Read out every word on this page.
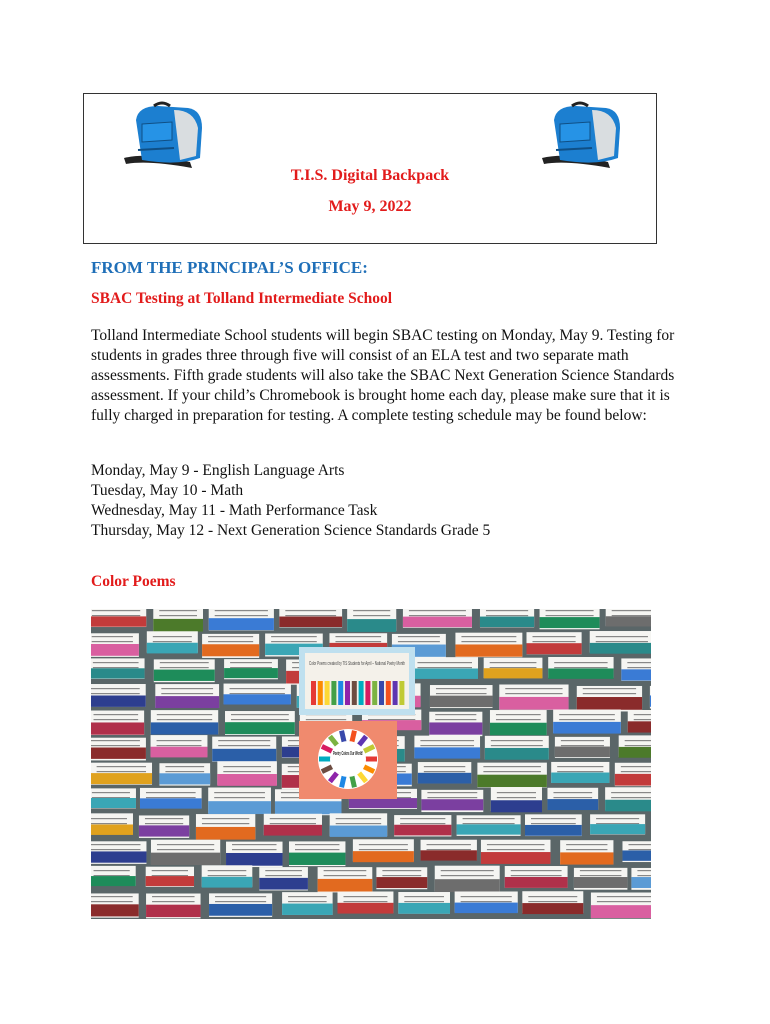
T.I.S. Digital Backpack
May 9, 2022
FROM THE PRINCIPAL’S OFFICE:
SBAC Testing at Tolland Intermediate School

Tolland Intermediate School students will begin SBAC testing on Monday, May 9. Testing for students in grades three through five will consist of an ELA test and two separate math assessments. Fifth grade students will also take the SBAC Next Generation Science Standards assessment. If your child’s Chromebook is brought home each day, please make sure that it is fully charged in preparation for testing. A complete testing schedule may be found below:

Monday, May 9 - English Language Arts
Tuesday, May 10 - Math
Wednesday, May 11 - Math Performance Task
Thursday, May 12 - Next Generation Science Standards Grade 5
Color Poems
Color Poems created by TIS Students for April – National Poetry Month
Poetry Colors Our World!
